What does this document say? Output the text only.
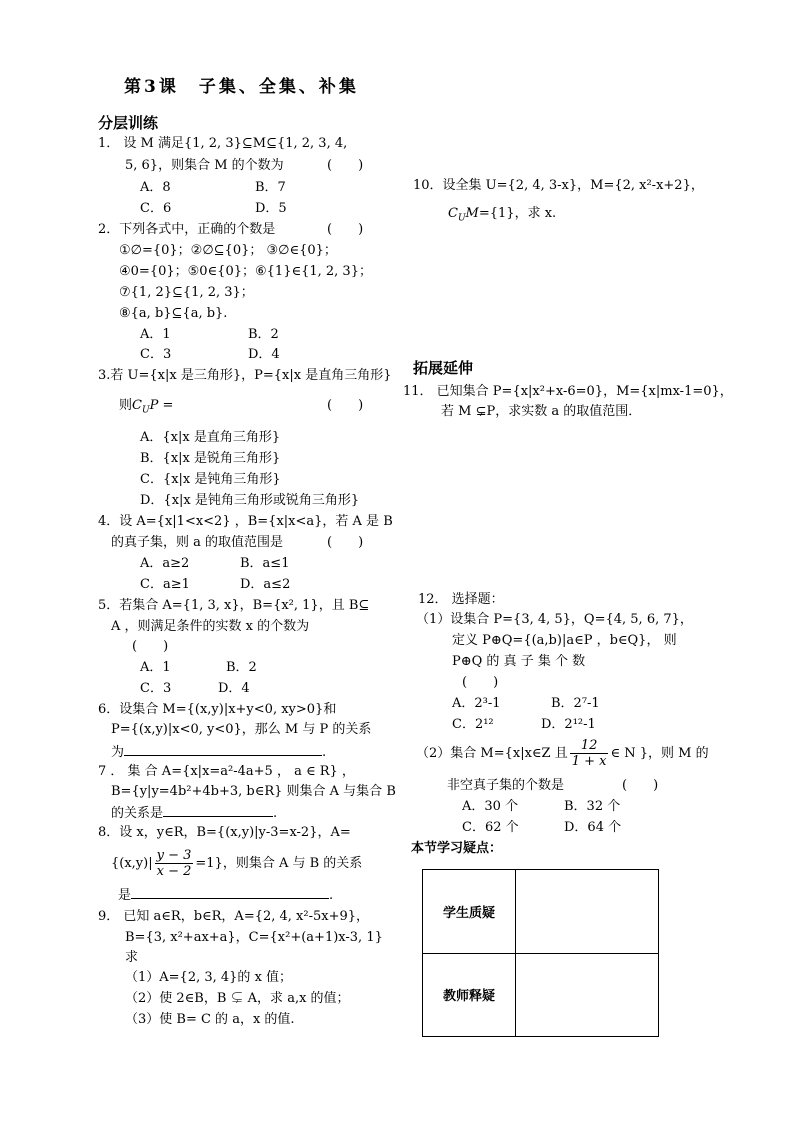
第3课　子集、全集、补集
分层训练
1． 设 M 满足{1, 2, 3}⊆M⊆{1, 2, 3, 4,
5, 6}，则集合 M 的个数为	(　　)
A．8	B．7
C．6	D．5
2．下列各式中，正确的个数是	(　　)
①∅={0}；②∅⊆{0}； ③∅∈{0}；
④0={0}；⑤0∈{0}；⑥{1}∈{1, 2, 3}；
⑦{1, 2}⊆{1, 2, 3}；
⑧{a, b}⊆{a, b}.
A．1	B．2
C．3	D．4
3.若 U={x|x 是三角形}，P={x|x 是直角三角形}
则$C_UP$ =	(　　)
A．{x|x 是直角三角形}
B．{x|x 是锐角三角形}
C．{x|x 是钝角三角形}
D．{x|x 是钝角三角形或锐角三角形}
4．设 A={x|1<x<2} ，B={x|x<a}，若 A 是 B
的真子集，则 a 的取值范围是	(　　)
A．a≥2	B．a≤1
C．a≥1	D．a≤2
5．若集合 A={1, 3, x}，B={x², 1}，且 B⊆
A ，则满足条件的实数 x 的个数为
(　　)
A．1	B．2
C．3	D．4
6．设集合 M={(x,y)|x+y<0, xy>0}和
P={(x,y)|x<0, y<0}，那么 M 与 P 的关系
为	.
7 ． 集 合 A={x|x=a²-4a+5 ， a ∈ R} ，
B={y|y=4b²+4b+3, b∈R} 则集合 A 与集合 B
的关系是	.
8．设 x，y∈R，B={(x,y)|y-3=x-2}，A=
$\{(x,y)| \frac{y - 3}{x - 2} =1\}$，则集合 A 与 B 的关系
是	.
9． 已知 a∈R，b∈R，A={2, 4, x²-5x+9}，
B={3, x²+ax+a}，C={x²+(a+1)x-3, 1}
求
（1）A={2, 3, 4}的 x 值；
（2）使 2∈B，B ⊊ A，求 a,x 的值；
（3）使 B= C 的 a，x 的值.
10．设全集 U={2, 4, 3-x}，M={2, x²-x+2}，
$C_UM=\{1\}$，求 x.
拓展延伸
11． 已知集合 P={x|x²+x-6=0}，M={x|mx-1=0}，
若 M ⊊P，求实数 a 的取值范围．
12． 选择题：
（1）设集合 P={3, 4, 5}，Q={4, 5, 6, 7}，
定义 P⊕Q={(a,b)|a∈P ，b∈Q}， 则
P⊕Q 的 真 子 集 个 数
(　　)
A．2³-1	B．2⁷-1
C．2¹²	D．2¹²-1
（2）集合 M={x|x∈Z 且 $\frac{12}{1 + x}$ ∈ N }，则 M 的
非空真子集的个数是	(　　)
A．30 个	B．32 个
C．62 个	D．64 个
本节学习疑点：
学生质疑	
教师释疑	
